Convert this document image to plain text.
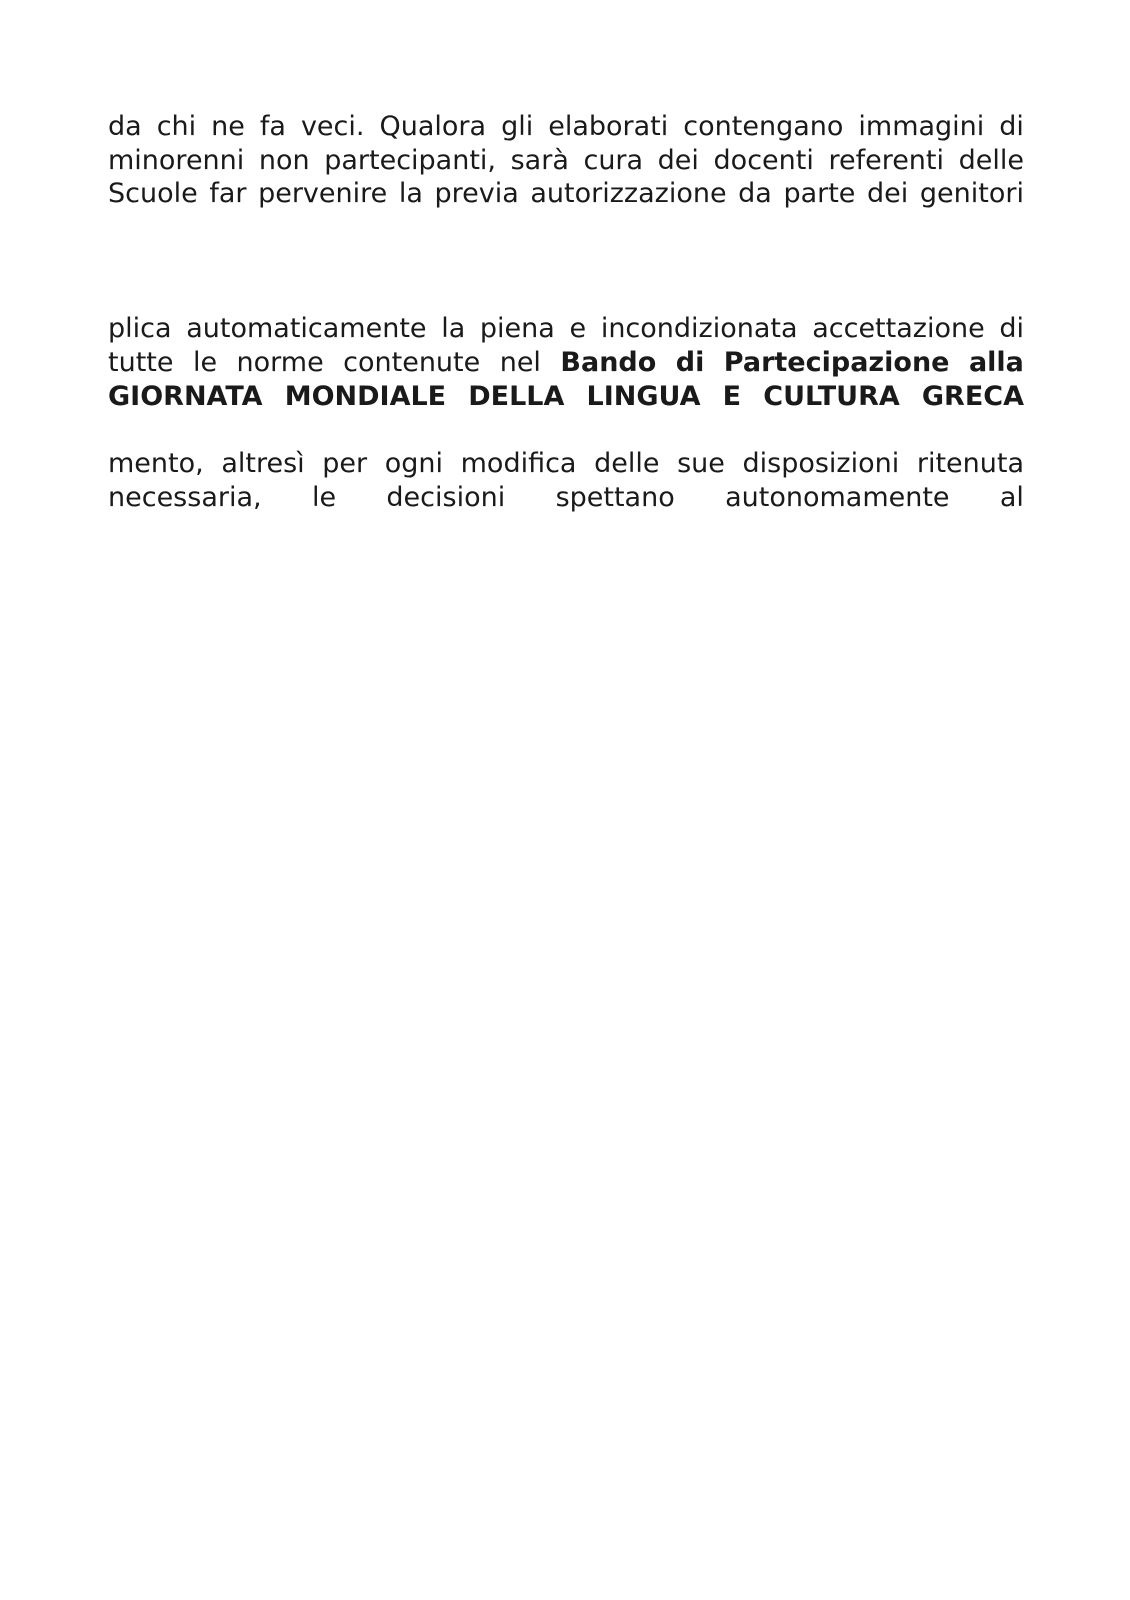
da chi ne fa veci. Qualora gli elaborati contengano immagini di
minorenni non partecipanti, sarà cura dei docenti referenti delle
Scuole far pervenire la previa autorizzazione da parte dei genitori
plica automaticamente la piena e incondizionata accettazione di
tutte le norme contenute nel Bando di Partecipazione alla
GIORNATA MONDIALE DELLA LINGUA E CULTURA GRECA
mento, altresì per ogni modifica delle sue disposizioni ritenuta
necessaria, le decisioni spettano autonomamente al
